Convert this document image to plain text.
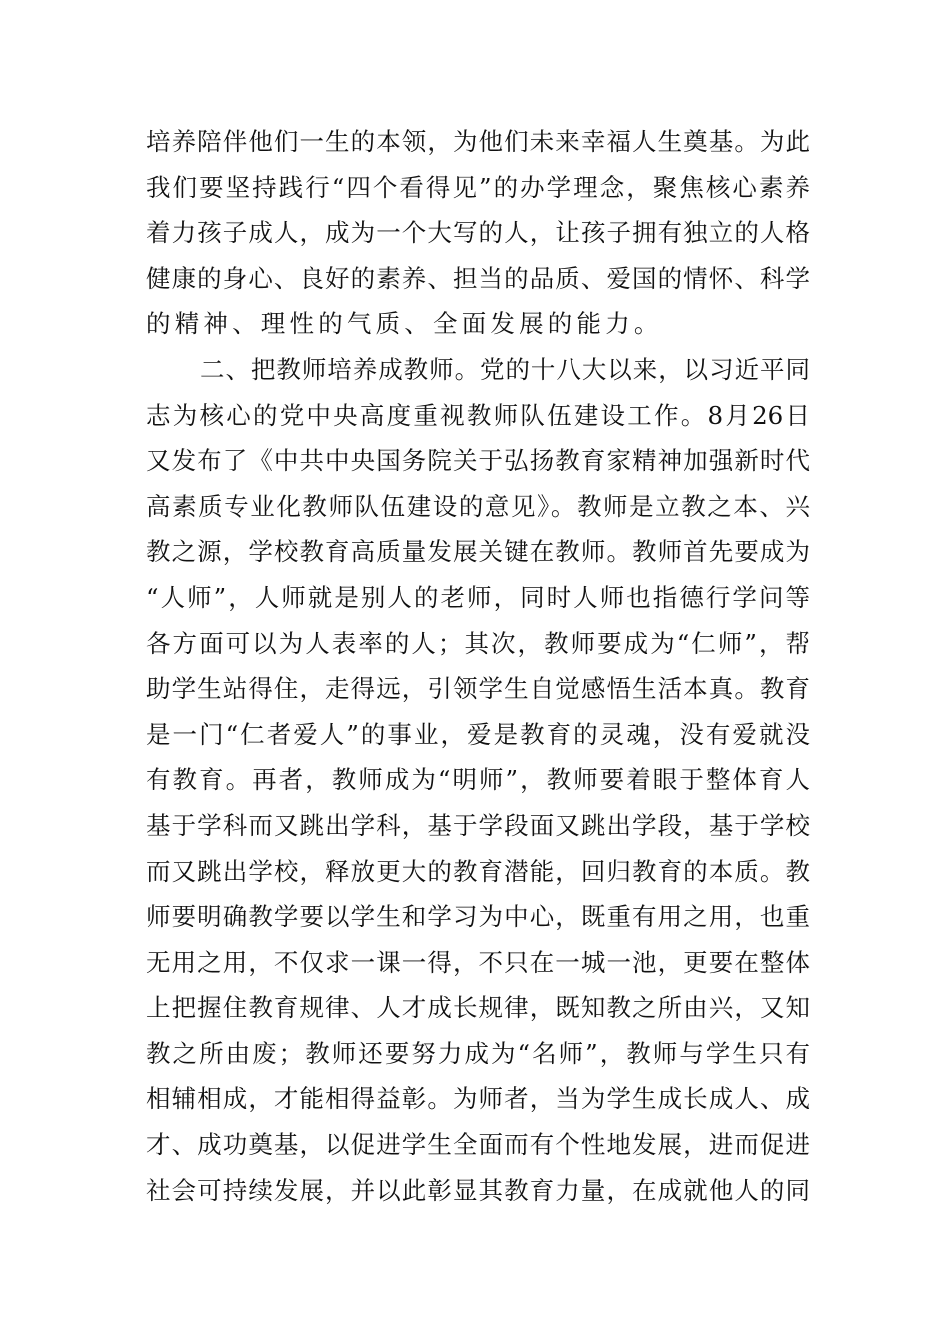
培养陪伴他们一生的本领，为他们未来幸福人生奠基。为此
我们要坚持践行“四个看得见”的办学理念，聚焦核心素养
着力孩子成人，成为一个大写的人，让孩子拥有独立的人格
健康的身心、良好的素养、担当的品质、爱国的情怀、科学
的精神、理性的气质、全面发展的能力。
二、把教师培养成教师。党的十八大以来，以习近平同
志为核心的党中央高度重视教师队伍建设工作。8月26日
又发布了《中共中央国务院关于弘扬教育家精神加强新时代
高素质专业化教师队伍建设的意见》。教师是立教之本、兴
教之源，学校教育高质量发展关键在教师。教师首先要成为
“人师”，人师就是别人的老师，同时人师也指德行学问等
各方面可以为人表率的人；其次，教师要成为“仁师”，帮
助学生站得住，走得远，引领学生自觉感悟生活本真。教育
是一门“仁者爱人”的事业，爱是教育的灵魂，没有爱就没
有教育。再者，教师成为“明师”，教师要着眼于整体育人
基于学科而又跳出学科，基于学段面又跳出学段，基于学校
而又跳出学校，释放更大的教育潜能，回归教育的本质。教
师要明确教学要以学生和学习为中心，既重有用之用，也重
无用之用，不仅求一课一得，不只在一城一池，更要在整体
上把握住教育规律、人才成长规律，既知教之所由兴，又知
教之所由废；教师还要努力成为“名师”，教师与学生只有
相辅相成，才能相得益彰。为师者，当为学生成长成人、成
才、成功奠基，以促进学生全面而有个性地发展，进而促进
社会可持续发展，并以此彰显其教育力量，在成就他人的同
